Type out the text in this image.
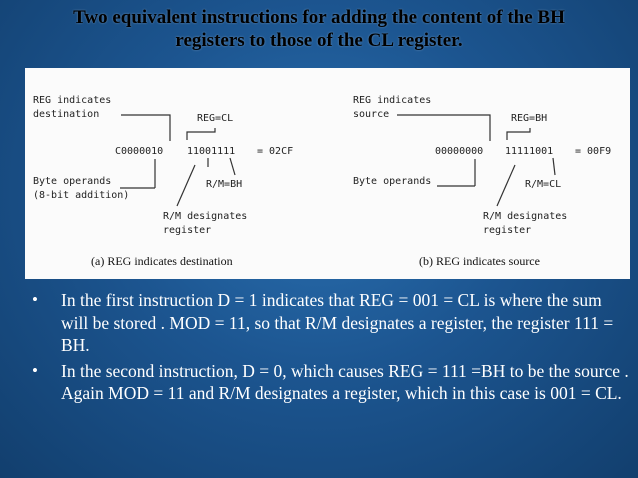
Two equivalent instructions for adding the content of the BH
registers to those of the CL register.
REG indicates
destination	REG=CL
C0000010 11001111 = 02CF
R/M=BH
Byte operands
(8-bit addition)
R/M designates
register
(a) REG indicates destination
REG indicates
source	REG=BH
00000000 11111001 = 00F9
R/M=CL
Byte operands
R/M designates
register
(b) REG indicates source
• In the first instruction D = 1 indicates that REG = 001 = CL is where the sum will be stored . MOD = 11, so that R/M designates a register, the register 111 = BH.
• In the second instruction, D = 0, which causes REG = 111 =BH to be the source . Again MOD = 11 and R/M designates a register, which in this case is 001 = CL.
